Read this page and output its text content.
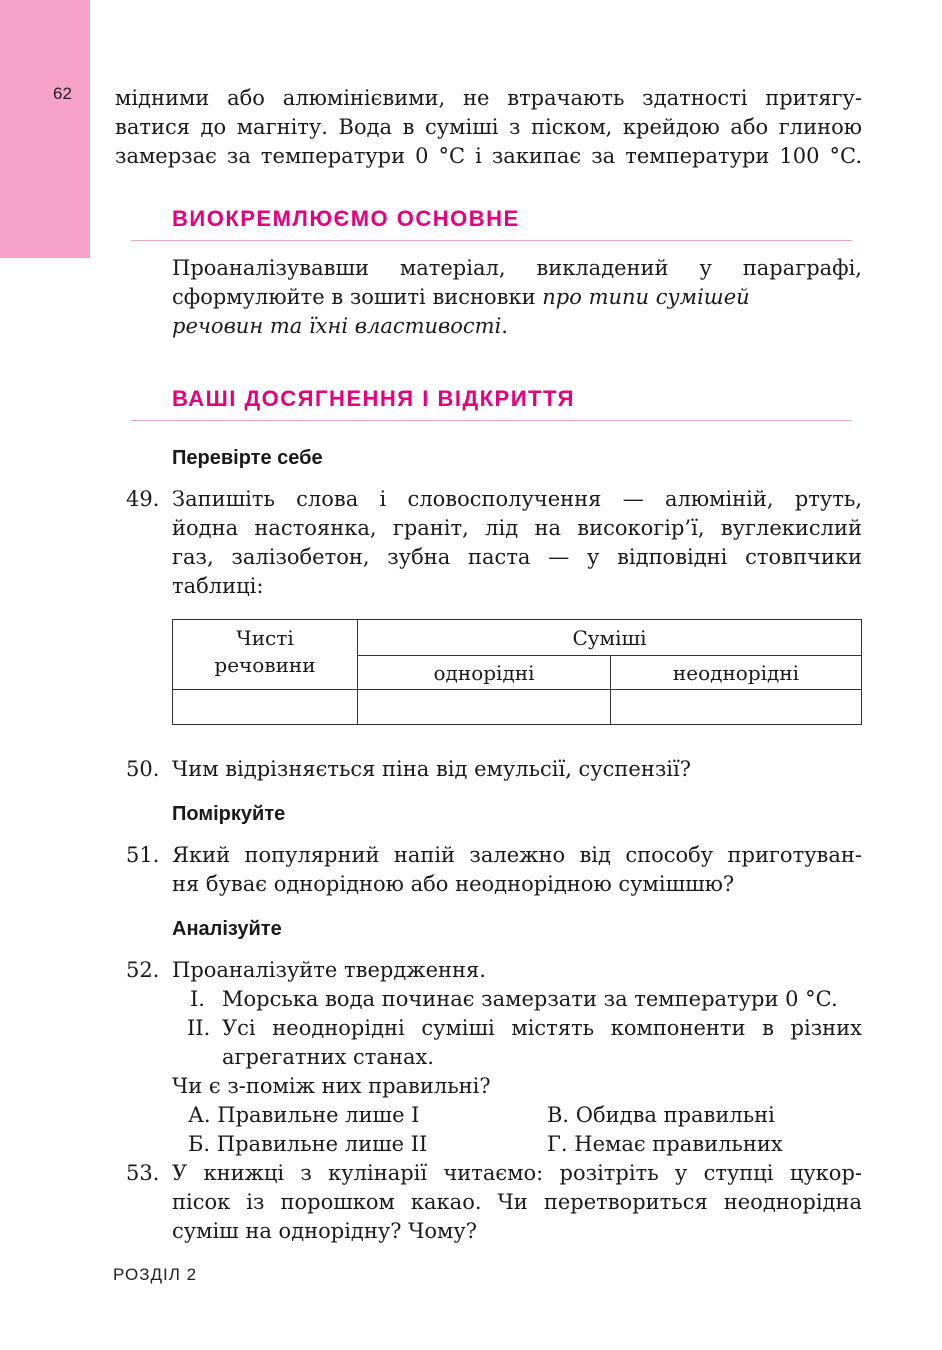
62 мідними або алюмінієвими, не втрачають здатності притягу-
ватися до магніту. Вода в суміші з піском, крейдою або глиною
замерзає за температури 0 °C і закипає за температури 100 °C.
ВИОКРЕМЛЮЄМО ОСНОВНЕ
Проаналізувавши матеріал, викладений у параграфі,
сформулюйте в зошиті висновки про типи сумішей
речовин та їхні властивості.
ВАШІ ДОСЯГНЕННЯ І ВІДКРИТТЯ
Перевірте себе
49. Запишіть слова і словосполучення — алюміній, ртуть,
йодна настоянка, граніт, лід на високогір’ї, вуглекислий
газ, залізобетон, зубна паста — у відповідні стовпчики
таблиці:
Чисті
речовини	Суміші	
	однорідні	неоднорідні

50. Чим відрізняється піна від емульсії, суспензії?
Поміркуйте
51. Який популярний напій залежно від способу приготуван-
ня буває однорідною або неоднорідною сумішшю?
Аналізуйте
52. Проаналізуйте твердження.
I. Морська вода починає замерзати за температури 0 °C.
II. Усі неоднорідні суміші містять компоненти в різних
агрегатних станах.
Чи є з-поміж них правильні?
А. Правильне лише I	В. Обидва правильні
Б. Правильне лише II	Г. Немає правильних
53. У книжці з кулінарії читаємо: розітріть у ступці цукор-
пісок із порошком какао. Чи перетвориться неоднорідна
суміш на однорідну? Чому?
РОЗДІЛ 2
